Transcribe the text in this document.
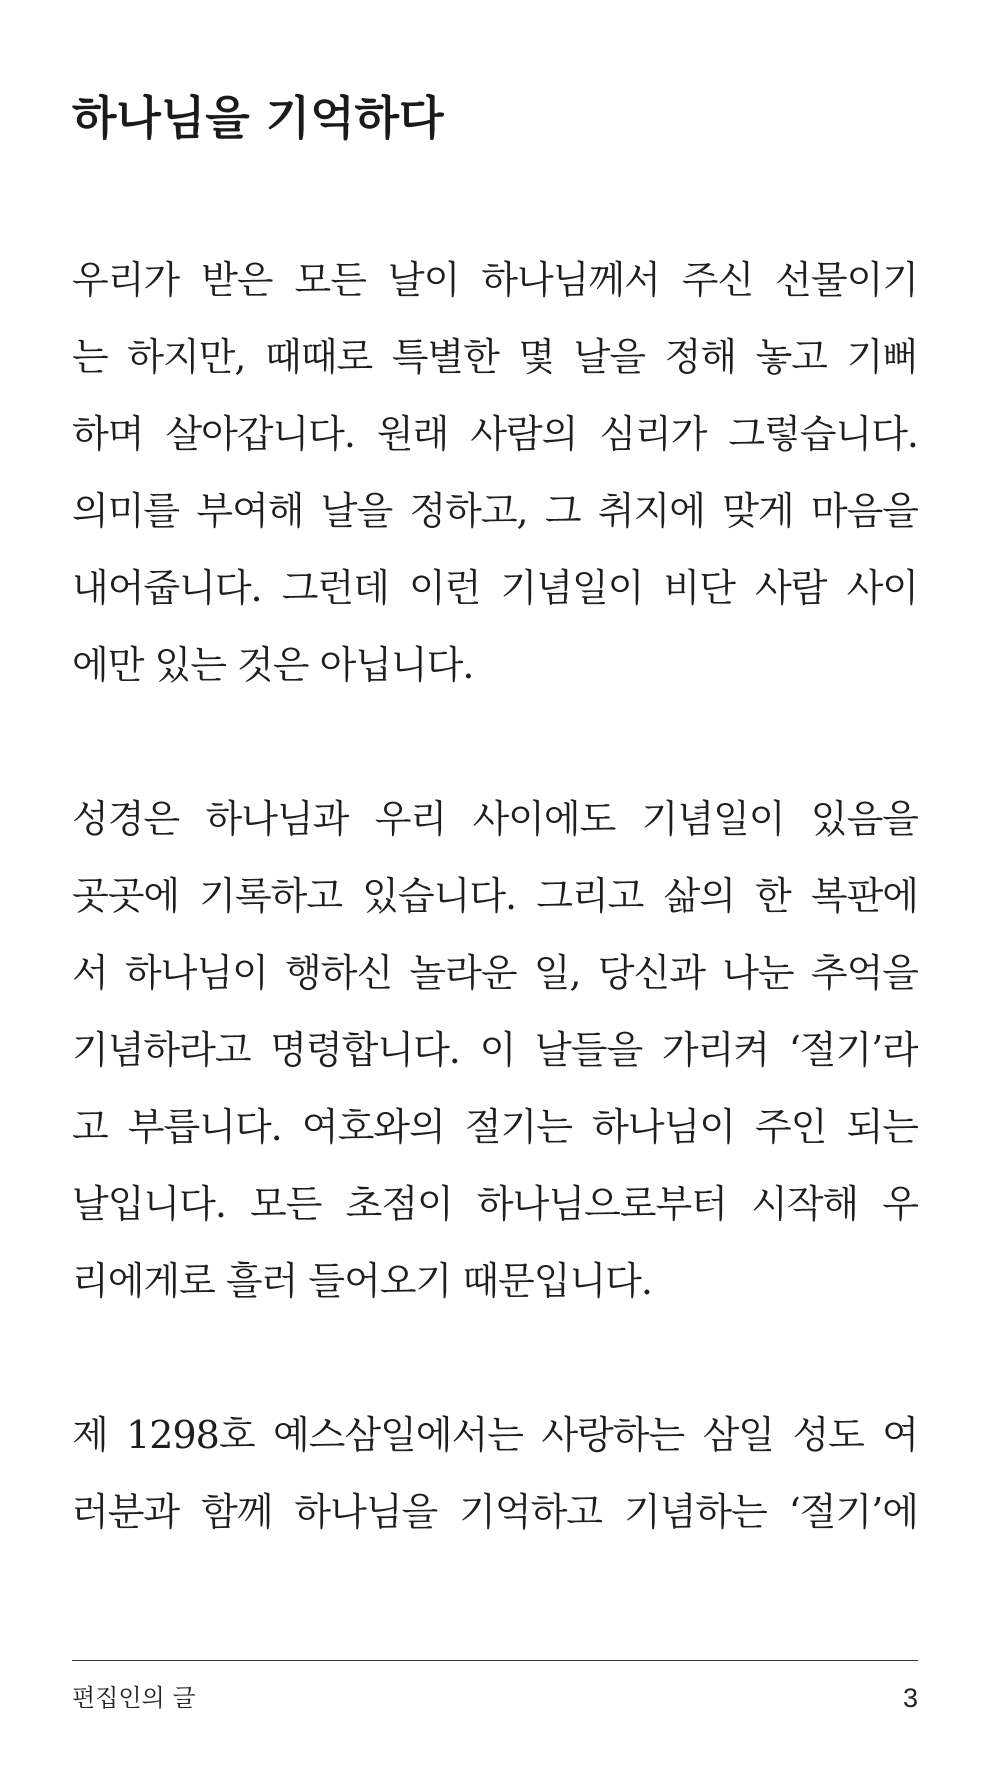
하나님을 기억하다

우리가 받은 모든 날이 하나님께서 주신 선물이기
는 하지만, 때때로 특별한 몇 날을 정해 놓고 기뻐
하며 살아갑니다. 원래 사람의 심리가 그렇습니다.
의미를 부여해 날을 정하고, 그 취지에 맞게 마음을
내어줍니다. 그런데 이런 기념일이 비단 사람 사이
에만 있는 것은 아닙니다.

성경은 하나님과 우리 사이에도 기념일이 있음을
곳곳에 기록하고 있습니다. 그리고 삶의 한 복판에
서 하나님이 행하신 놀라운 일, 당신과 나눈 추억을
기념하라고 명령합니다. 이 날들을 가리켜 ‘절기’라
고 부릅니다. 여호와의 절기는 하나님이 주인 되는
날입니다. 모든 초점이 하나님으로부터 시작해 우
리에게로 흘러 들어오기 때문입니다.

제 1298호 예스삼일에서는 사랑하는 삼일 성도 여
러분과 함께 하나님을 기억하고 기념하는 ‘절기’에

편집인의 글	3
